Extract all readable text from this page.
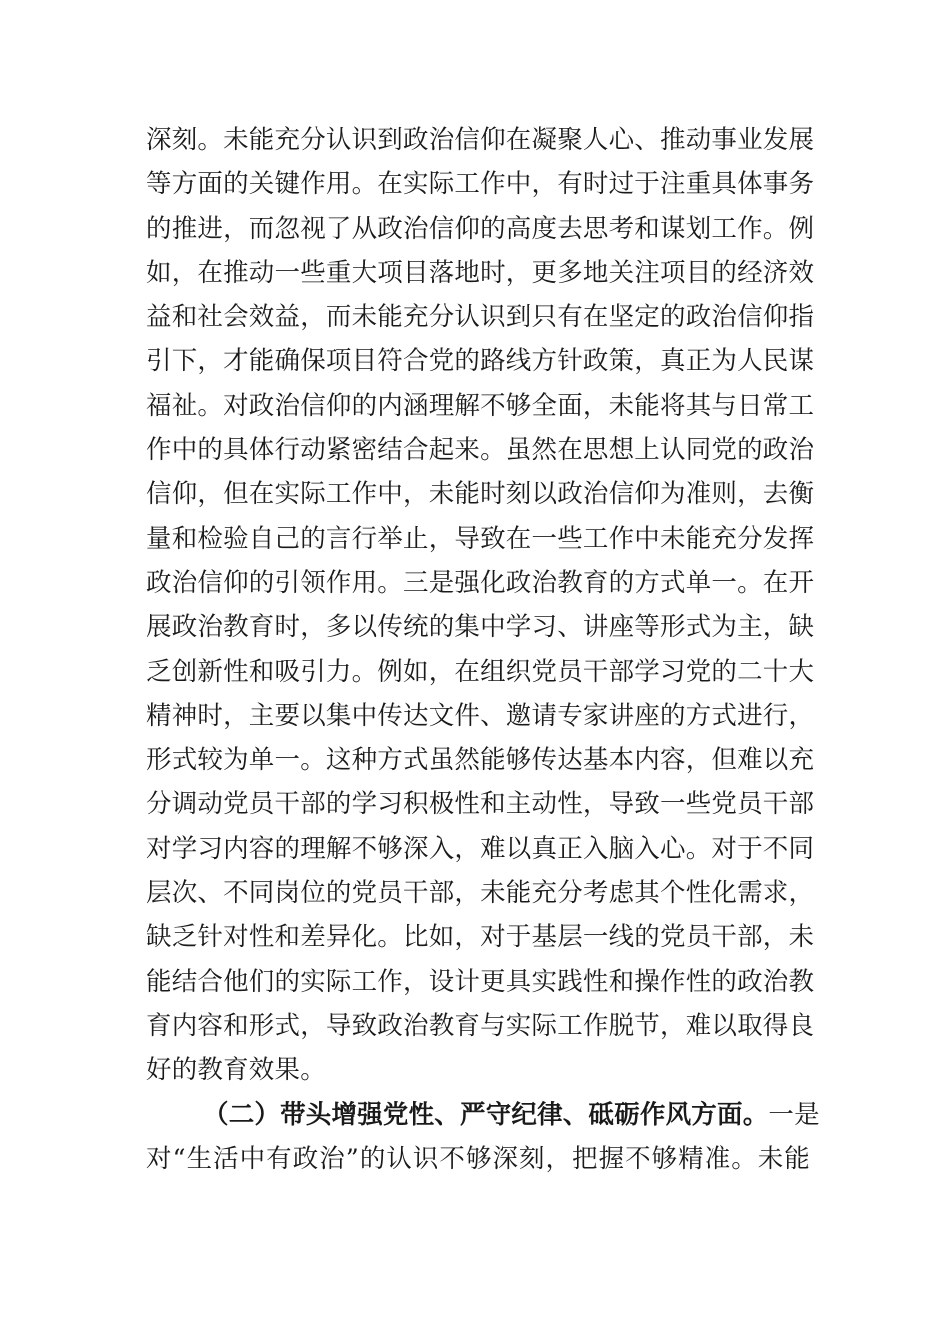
深刻。未能充分认识到政治信仰在凝聚人心、推动事业发展
等方面的关键作用。在实际工作中，有时过于注重具体事务
的推进，而忽视了从政治信仰的高度去思考和谋划工作。例
如，在推动一些重大项目落地时，更多地关注项目的经济效
益和社会效益，而未能充分认识到只有在坚定的政治信仰指
引下，才能确保项目符合党的路线方针政策，真正为人民谋
福祉。对政治信仰的内涵理解不够全面，未能将其与日常工
作中的具体行动紧密结合起来。虽然在思想上认同党的政治
信仰，但在实际工作中，未能时刻以政治信仰为准则，去衡
量和检验自己的言行举止，导致在一些工作中未能充分发挥
政治信仰的引领作用。三是强化政治教育的方式单一。在开
展政治教育时，多以传统的集中学习、讲座等形式为主，缺
乏创新性和吸引力。例如，在组织党员干部学习党的二十大
精神时，主要以集中传达文件、邀请专家讲座的方式进行，
形式较为单一。这种方式虽然能够传达基本内容，但难以充
分调动党员干部的学习积极性和主动性，导致一些党员干部
对学习内容的理解不够深入，难以真正入脑入心。对于不同
层次、不同岗位的党员干部，未能充分考虑其个性化需求，
缺乏针对性和差异化。比如，对于基层一线的党员干部，未
能结合他们的实际工作，设计更具实践性和操作性的政治教
育内容和形式，导致政治教育与实际工作脱节，难以取得良
好的教育效果。
（二）带头增强党性、严守纪律、砥砺作风方面。一是
对“生活中有政治”的认识不够深刻，把握不够精准。未能
